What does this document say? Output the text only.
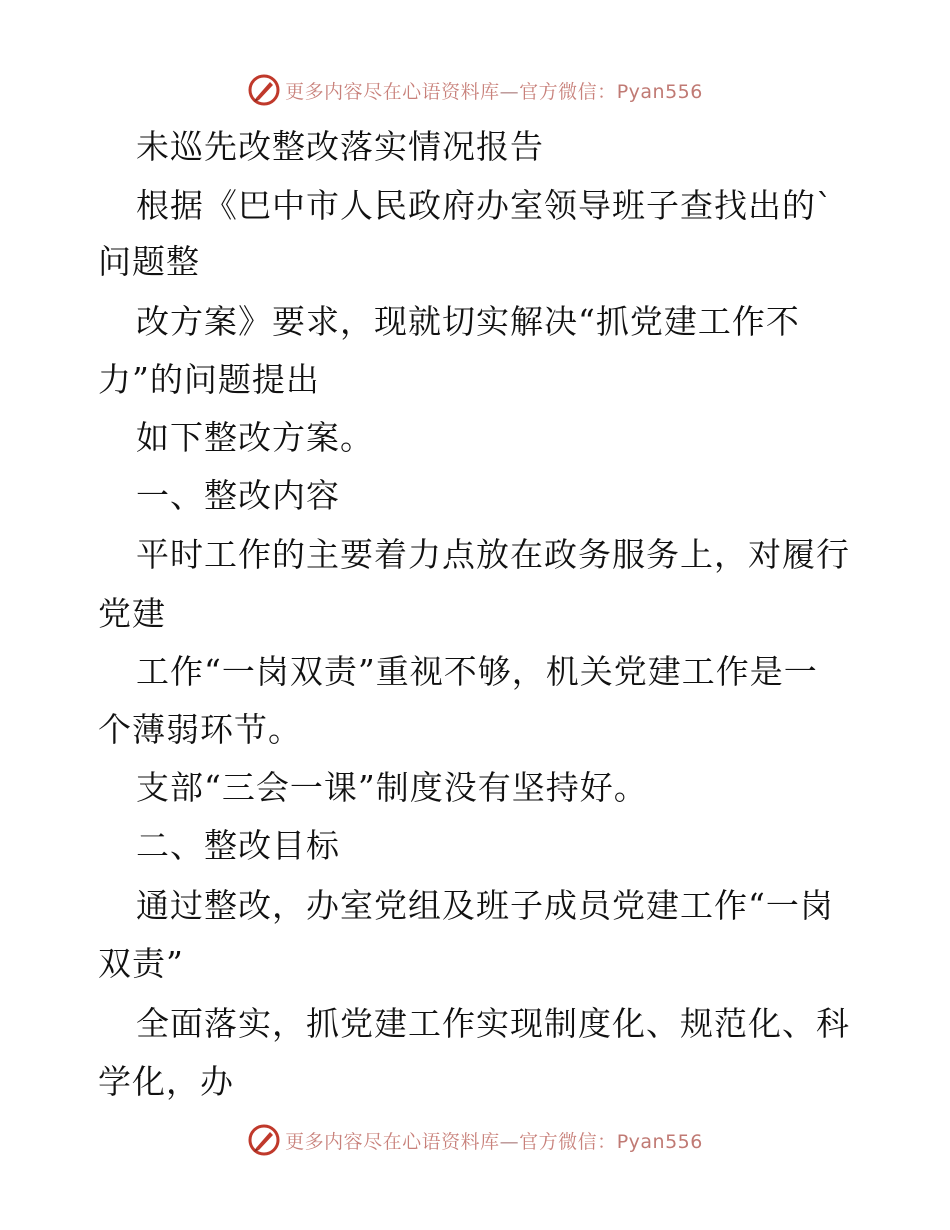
更多内容尽在心语资料库—官方微信：Pyan556
未巡先改整改落实情况报告
根据《巴中市人民政府办室领导班子查找出的`
问题整
改方案》要求，现就切实解决“抓党建工作不
力”的问题提出
如下整改方案。
一、整改内容
平时工作的主要着力点放在政务服务上，对履行
党建
工作“一岗双责”重视不够，机关党建工作是一
个薄弱环节。
支部“三会一课”制度没有坚持好。
二、整改目标
通过整改，办室党组及班子成员党建工作“一岗
双责”
全面落实，抓党建工作实现制度化、规范化、科
学化，办
更多内容尽在心语资料库—官方微信：Pyan556
